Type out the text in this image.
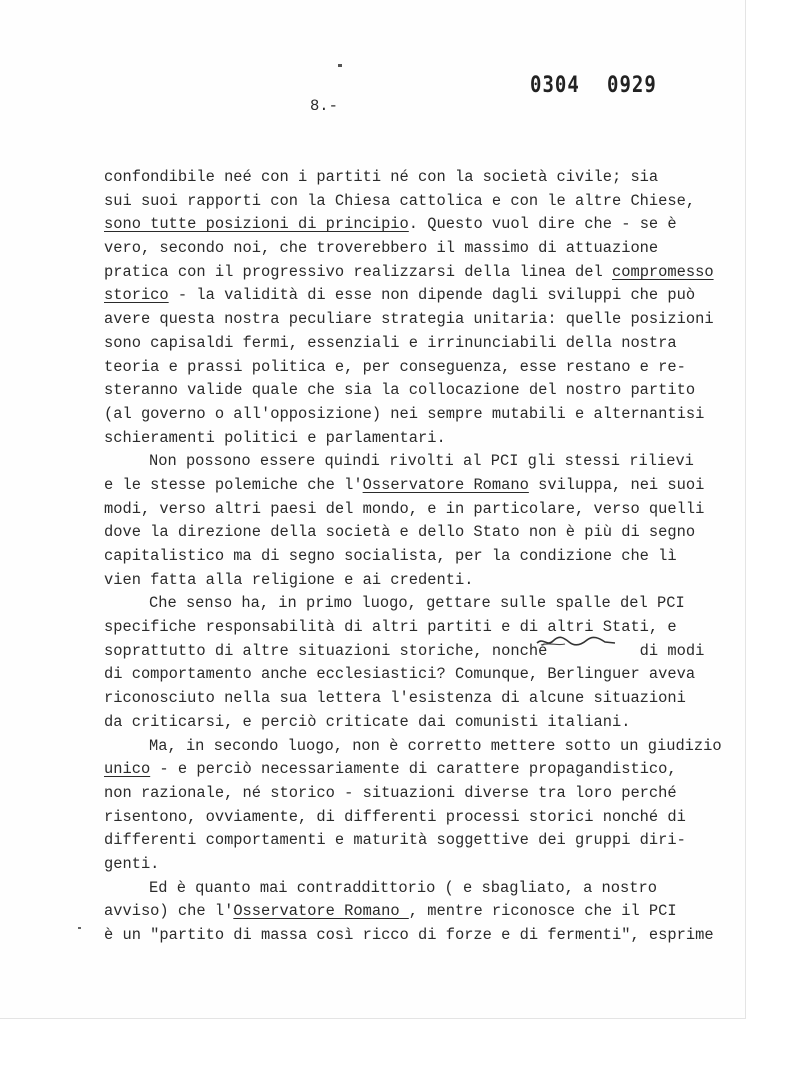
0304 0929
8.-
confondibile neé con i partiti né con la società civile; sia
sui suoi rapporti con la Chiesa cattolica e con le altre Chiese,
sono tutte posizioni di principio. Questo vuol dire che - se è
vero, secondo noi, che troverebbero il massimo di attuazione
pratica con il progressivo realizzarsi della linea del compromesso
storico - la validità di esse non dipende dagli sviluppi che può
avere questa nostra peculiare strategia unitaria: quelle posizioni
sono capisaldi fermi, essenziali e irrinunciabili della nostra
teoria e prassi politica e, per conseguenza, esse restano e re-
steranno valide quale che sia la collocazione del nostro partito
(al governo o all'opposizione) nei sempre mutabili e alternantisi
schieramenti politici e parlamentari.
Non possono essere quindi rivolti al PCI gli stessi rilievi
e le stesse polemiche che l'Osservatore Romano sviluppa, nei suoi
modi, verso altri paesi del mondo, e in particolare, verso quelli
dove la direzione della società e dello Stato non è più di segno
capitalistico ma di segno socialista, per la condizione che lì
vien fatta alla religione e ai credenti.
Che senso ha, in primo luogo, gettare sulle spalle del PCI
specifiche responsabilità di altri partiti e di altri Stati, e
soprattutto di altre situazioni storiche, nonché          di modi
di comportamento anche ecclesiastici? Comunque, Berlinguer aveva
riconosciuto nella sua lettera l'esistenza di alcune situazioni
da criticarsi, e perciò criticate dai comunisti italiani.
Ma, in secondo luogo, non è corretto mettere sotto un giudizio
unico - e perciò necessariamente di carattere propagandistico,
non razionale, né storico - situazioni diverse tra loro perché
risentono, ovviamente, di differenti processi storici nonché di
differenti comportamenti e maturità soggettive dei gruppi diri-
genti.
Ed è quanto mai contraddittorio ( e sbagliato, a nostro
avviso) che l'Osservatore Romano , mentre riconosce che il PCI
è un "partito di massa così ricco di forze e di fermenti", esprime
